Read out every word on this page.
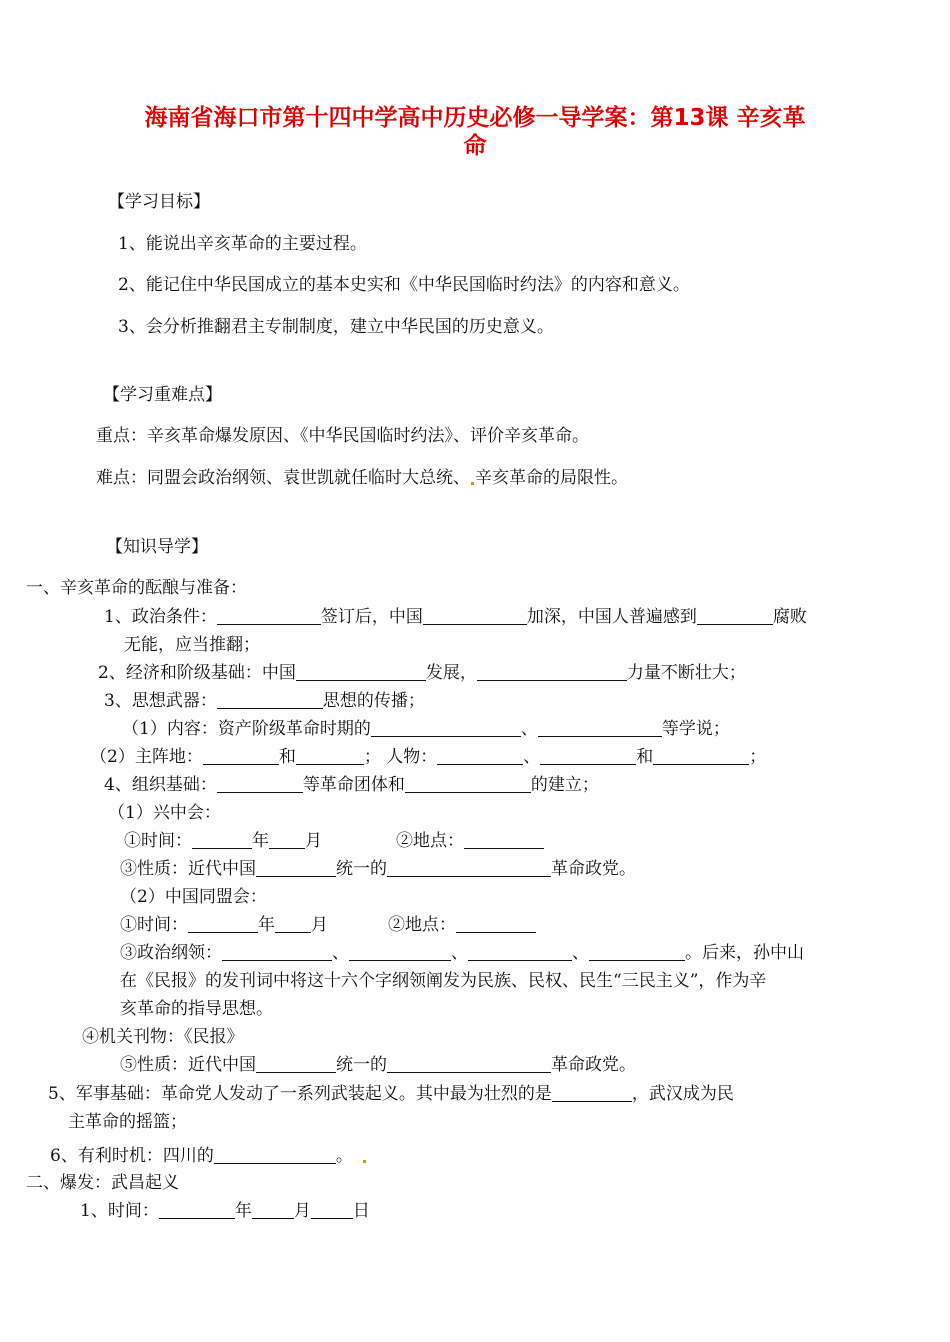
海南省海口市第十四中学高中历史必修一导学案：第13课 辛亥革
命
【学习目标】
1、能说出辛亥革命的主要过程。
2、能记住中华民国成立的基本史实和《中华民国临时约法》的内容和意义。
3、会分析推翻君主专制制度，建立中华民国的历史意义。
【学习重难点】
重点：辛亥革命爆发原因、《中华民国临时约法》、评价辛亥革命。
难点：同盟会政治纲领、袁世凯就任临时大总统、 辛亥革命的局限性。
【知识导学】
一、辛亥革命的酝酿与准备：
1、政治条件：	签订后，中国	加深，中国人普遍感到	腐败
无能，应当推翻；
2、经济和阶级基础：中国	发展，	力量不断壮大；
3、思想武器：	思想的传播；
（1）内容：资产阶级革命时期的	、	等学说；
（2）主阵地：	和	； 人物：	、	和	；
4、组织基础：	等革命团体和	的建立；
（1）兴中会：
①时间：	年 月	②地点：
③性质：近代中国	统一的	革命政党。
（2）中国同盟会：
①时间：	年 月	②地点：
③政治纲领：	、	、	、	。后来，孙中山
在《民报》的发刊词中将这十六个字纲领阐发为民族、民权、民生“三民主义”，作为辛
亥革命的指导思想。
④机关刊物：《民报》
⑤性质：近代中国	统一的	革命政党。
5、军事基础：革命党人发动了一系列武装起义。其中最为壮烈的是	，武汉成为民
主革命的摇篮；
6、有利时机：四川的	。
二、爆发：武昌起义
1、时间：	年 月 日
